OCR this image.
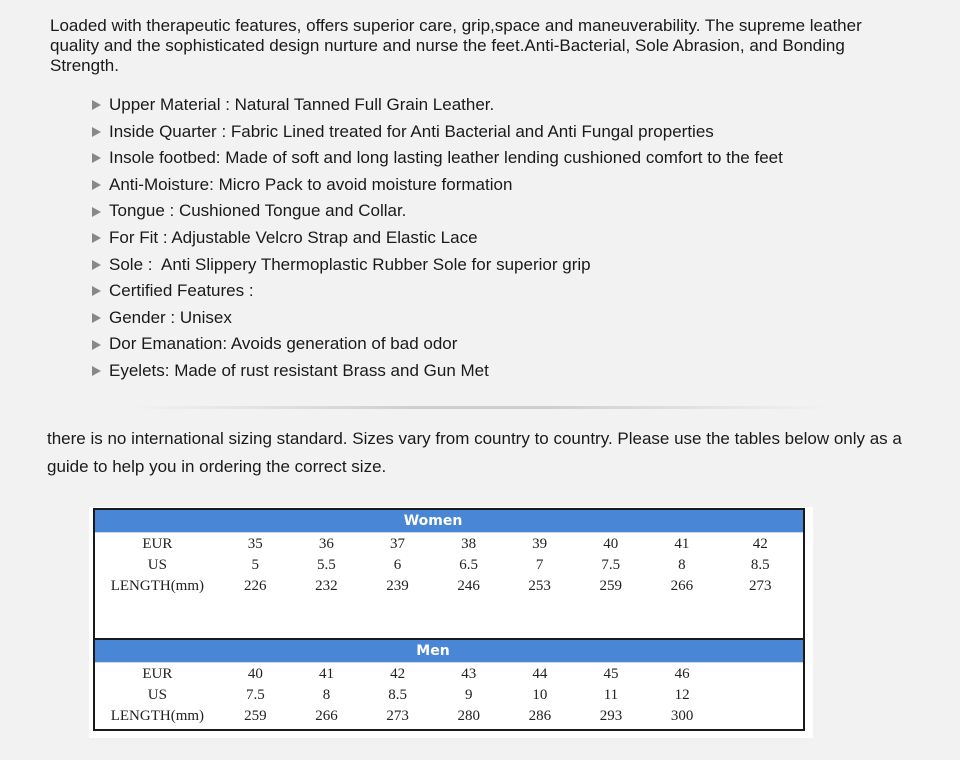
Loaded with therapeutic features, offers superior care, grip,space and maneuverability. The supreme leather quality and the sophisticated design nurture and nurse the feet.Anti-Bacterial, Sole Abrasion, and Bonding Strength.

Upper Material : Natural Tanned Full Grain Leather.
Inside Quarter : Fabric Lined treated for Anti Bacterial and Anti Fungal properties
Insole footbed: Made of soft and long lasting leather lending cushioned comfort to the feet
Anti-Moisture: Micro Pack to avoid moisture formation
Tongue : Cushioned Tongue and Collar.
For Fit : Adjustable Velcro Strap and Elastic Lace
Sole :  Anti Slippery Thermoplastic Rubber Sole for superior grip
Certified Features :
Gender : Unisex
Dor Emanation: Avoids generation of bad odor
Eyelets: Made of rust resistant Brass and Gun Met

there is no international sizing standard. Sizes vary from country to country. Please use the tables below only as a guide to help you in ordering the correct size.

Women
EUR	35	36	37	38	39	40	41	42
US	5	5.5	6	6.5	7	7.5	8	8.5
LENGTH(mm)	226	232	239	246	253	259	266	273
Men
EUR	40	41	42	43	44	45	46	
US	7.5	8	8.5	9	10	11	12	
LENGTH(mm)	259	266	273	280	286	293	300	
